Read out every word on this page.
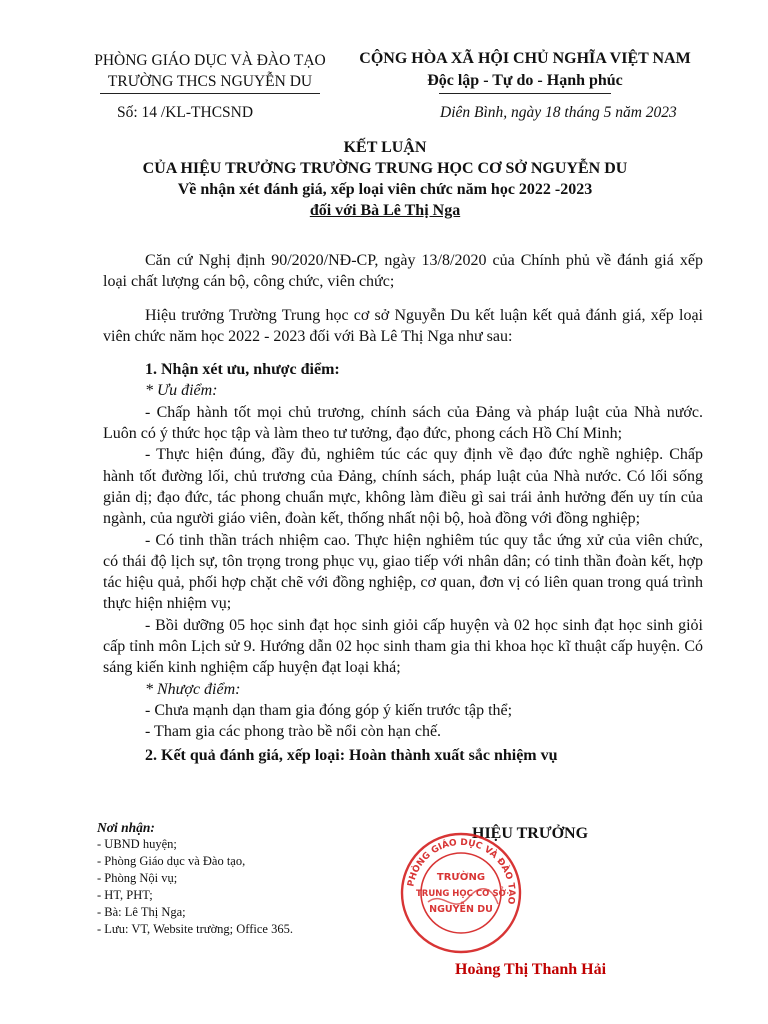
PHÒNG GIÁO DỤC VÀ ĐÀO TẠO
TRƯỜNG THCS NGUYỄN DU
CỘNG HÒA XÃ HỘI CHỦ NGHĨA VIỆT NAM
Độc lập - Tự do - Hạnh phúc
Số: 14 /KL-THCSND	Diên Bình, ngày 18 tháng 5 năm 2023
KẾT LUẬN
CỦA HIỆU TRƯỞNG TRƯỜNG TRUNG HỌC CƠ SỞ NGUYỄN DU
Về nhận xét đánh giá, xếp loại viên chức năm học 2022 -2023
đối với Bà Lê Thị Nga

Căn cứ Nghị định 90/2020/NĐ-CP, ngày 13/8/2020 của Chính phủ về đánh giá xếp loại chất lượng cán bộ, công chức, viên chức;

Hiệu trưởng Trường Trung học cơ sở Nguyễn Du kết luận kết quả đánh giá, xếp loại viên chức năm học 2022 - 2023 đối với Bà Lê Thị Nga như sau:

1. Nhận xét ưu, nhược điểm:
* Ưu điểm:

- Chấp hành tốt mọi chủ trương, chính sách của Đảng và pháp luật của Nhà nước. Luôn có ý thức học tập và làm theo tư tưởng, đạo đức, phong cách Hồ Chí Minh;

- Thực hiện đúng, đầy đủ, nghiêm túc các quy định về đạo đức nghề nghiệp. Chấp hành tốt đường lối, chủ trương của Đảng, chính sách, pháp luật của Nhà nước. Có lối sống giản dị; đạo đức, tác phong chuẩn mực, không làm điều gì sai trái ảnh hưởng đến uy tín của ngành, của người giáo viên, đoàn kết, thống nhất nội bộ, hoà đồng với đồng nghiệp;

- Có tinh thần trách nhiệm cao. Thực hiện nghiêm túc quy tắc ứng xử của viên chức, có thái độ lịch sự, tôn trọng trong phục vụ, giao tiếp với nhân dân; có tinh thần đoàn kết, hợp tác hiệu quả, phối hợp chặt chẽ với đồng nghiệp, cơ quan, đơn vị có liên quan trong quá trình thực hiện nhiệm vụ;

- Bồi dưỡng 05 học sinh đạt học sinh giỏi cấp huyện và 02 học sinh đạt học sinh giỏi cấp tỉnh môn Lịch sử 9. Hướng dẫn 02 học sinh tham gia thi khoa học kĩ thuật cấp huyện. Có sáng kiến kinh nghiệm cấp huyện đạt loại khá;

* Nhược điểm:

- Chưa mạnh dạn tham gia đóng góp ý kiến trước tập thể;

- Tham gia các phong trào bề nổi còn hạn chế.

2. Kết quả đánh giá, xếp loại: Hoàn thành xuất sắc nhiệm vụ
Nơi nhận:
- UBND huyện;
- Phòng Giáo dục và Đào tạo,
- Phòng Nội vụ;
- HT, PHT;
- Bà: Lê Thị Nga;
- Lưu: VT, Website trường; Office 365.
HIỆU TRƯỞNG
PHÒNG GIÁO DỤC VÀ ĐÀO TẠO
TRƯỜNG
TRUNG HỌC CƠ SỞ
NGUYỄN DU
Hoàng Thị Thanh Hải
